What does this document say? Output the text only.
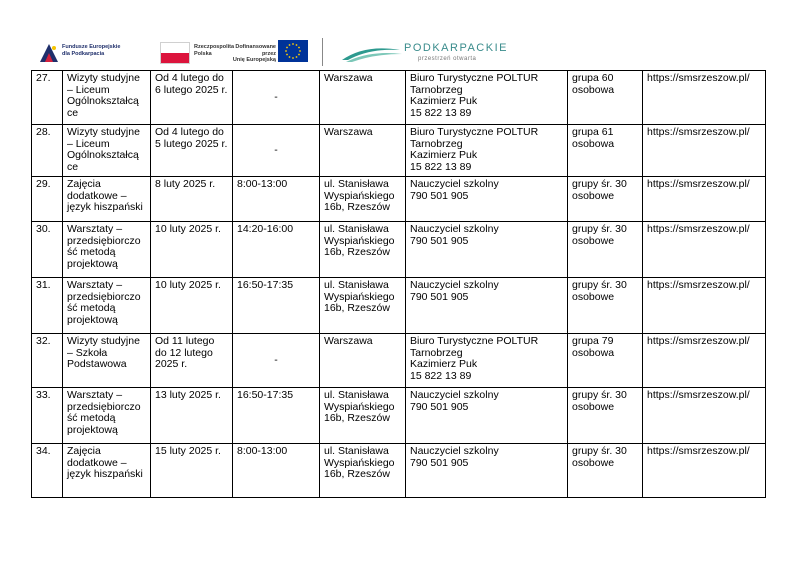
Fundusze Europejskie
dla Podkarpacia
Rzeczpospolita
Polska
Dofinansowane przez
Unię Europejską
PODKARPACKIE
przestrzeń otwarta
27.	Wizyty studyjne – Liceum Ogólnokształcą ce	Od 4 lutego do 6 lutego 2025 r.	-	Warszawa	Biuro Turystyczne POLTUR
Tarnobrzeg
Kazimierz Puk
15 822 13 89	grupa 60 osobowa	https://smsrzeszow.pl/
28.	Wizyty studyjne – Liceum Ogólnokształcą ce	Od 4 lutego do 5 lutego 2025 r.	-	Warszawa	Biuro Turystyczne POLTUR
Tarnobrzeg
Kazimierz Puk
15 822 13 89	grupa 61 osobowa	https://smsrzeszow.pl/
29.	Zajęcia dodatkowe – język hiszpański	8 luty 2025 r.	8:00-13:00	ul. Stanisława Wyspiańskiego 16b, Rzeszów	Nauczyciel szkolny
790 501 905	grupy śr. 30 osobowe	https://smsrzeszow.pl/
30.	Warsztaty – przedsiębiorczo ść metodą projektową	10 luty 2025 r.	14:20-16:00	ul. Stanisława Wyspiańskiego 16b, Rzeszów	Nauczyciel szkolny
790 501 905	grupy śr. 30 osobowe	https://smsrzeszow.pl/
31.	Warsztaty – przedsiębiorczo ść metodą projektową	10 luty 2025 r.	16:50-17:35	ul. Stanisława Wyspiańskiego 16b, Rzeszów	Nauczyciel szkolny
790 501 905	grupy śr. 30 osobowe	https://smsrzeszow.pl/
32.	Wizyty studyjne – Szkoła Podstawowa	Od 11 lutego do 12 lutego 2025 r.	-	Warszawa	Biuro Turystyczne POLTUR
Tarnobrzeg
Kazimierz Puk
15 822 13 89	grupa 79 osobowa	https://smsrzeszow.pl/
33.	Warsztaty – przedsiębiorczo ść metodą projektową	13 luty 2025 r.	16:50-17:35	ul. Stanisława Wyspiańskiego 16b, Rzeszów	Nauczyciel szkolny
790 501 905	grupy śr. 30 osobowe	https://smsrzeszow.pl/
34.	Zajęcia dodatkowe – język hiszpański	15 luty 2025 r.	8:00-13:00	ul. Stanisława Wyspiańskiego 16b, Rzeszów	Nauczyciel szkolny
790 501 905	grupy śr. 30 osobowe	https://smsrzeszow.pl/
